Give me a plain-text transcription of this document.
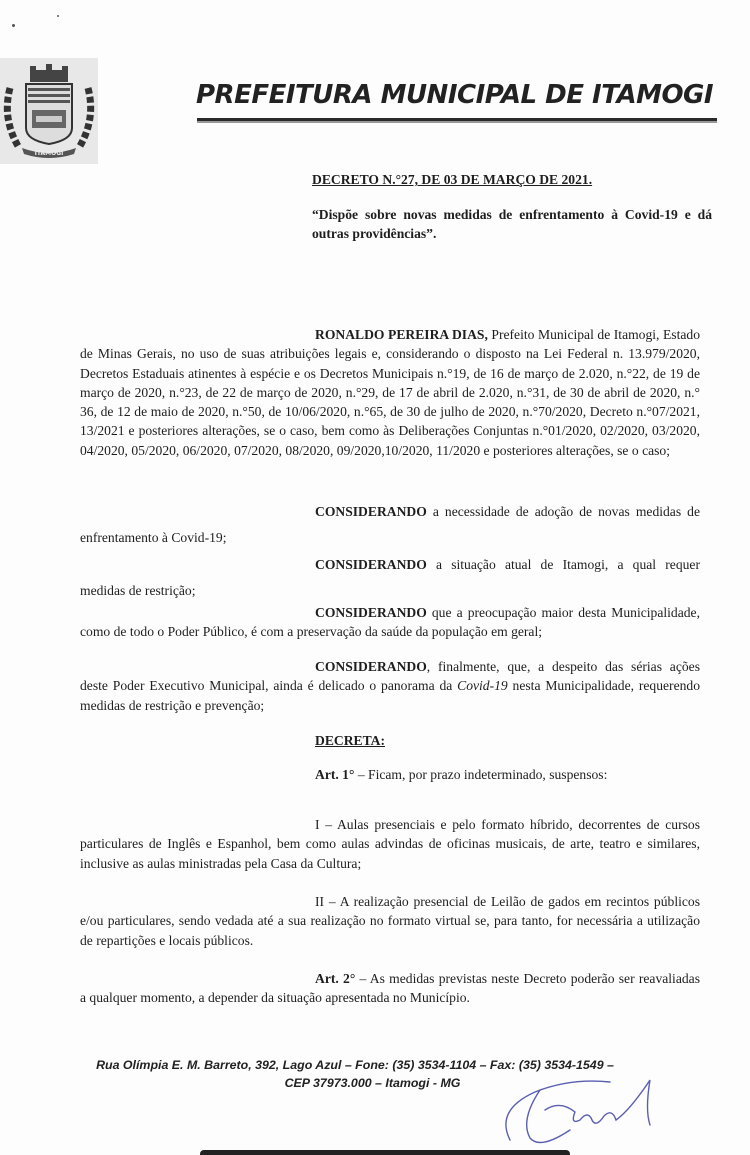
ITAMOGI
PREFEITURA MUNICIPAL DE ITAMOGI
DECRETO N.°27, DE 03 DE MARÇO DE 2021.
“Dispõe sobre novas medidas de enfrentamento à Covid-19 e dá outras providências”.
RONALDO PEREIRA DIAS, Prefeito Municipal de Itamogi, Estado de Minas Gerais, no uso de suas atribuições legais e, considerando o disposto na Lei Federal n. 13.979/2020, Decretos Estaduais atinentes à espécie e os Decretos Municipais n.°19, de 16 de março de 2.020, n.°22, de 19 de março de 2020, n.°23, de 22 de março de 2020, n.°29, de 17 de abril de 2.020, n.°31, de 30 de abril de 2020, n.° 36, de 12 de maio de 2020, n.°50, de 10/06/2020, n.°65, de 30 de julho de 2020, n.°70/2020, Decreto n.°07/2021, 13/2021 e posteriores alterações, se o caso, bem como às Deliberações Conjuntas n.°01/2020, 02/2020, 03/2020, 04/2020, 05/2020, 06/2020, 07/2020, 08/2020, 09/2020,10/2020, 11/2020 e posteriores alterações, se o caso;
CONSIDERANDO a necessidade de adoção de novas medidas de enfrentamento à Covid-19;
CONSIDERANDO a situação atual de Itamogi, a qual requer medidas de restrição;
CONSIDERANDO que a preocupação maior desta Municipalidade, como de todo o Poder Público, é com a preservação da saúde da população em geral;
CONSIDERANDO, finalmente, que, a despeito das sérias ações deste Poder Executivo Municipal, ainda é delicado o panorama da Covid-19 nesta Municipalidade, requerendo medidas de restrição e prevenção;
DECRETA:
Art. 1° – Ficam, por prazo indeterminado, suspensos:
I – Aulas presenciais e pelo formato híbrido, decorrentes de cursos particulares de Inglês e Espanhol, bem como aulas advindas de oficinas musicais, de arte, teatro e similares, inclusive as aulas ministradas pela Casa da Cultura;
II – A realização presencial de Leilão de gados em recintos públicos e/ou particulares, sendo vedada até a sua realização no formato virtual se, para tanto, for necessária a utilização de repartições e locais públicos.
Art. 2° – As medidas previstas neste Decreto poderão ser reavaliadas a qualquer momento, a depender da situação apresentada no Município.
Rua Olímpia E. M. Barreto, 392, Lago Azul – Fone: (35) 3534-1104 – Fax: (35) 3534-1549 –
CEP 37973.000 – Itamogi - MG
